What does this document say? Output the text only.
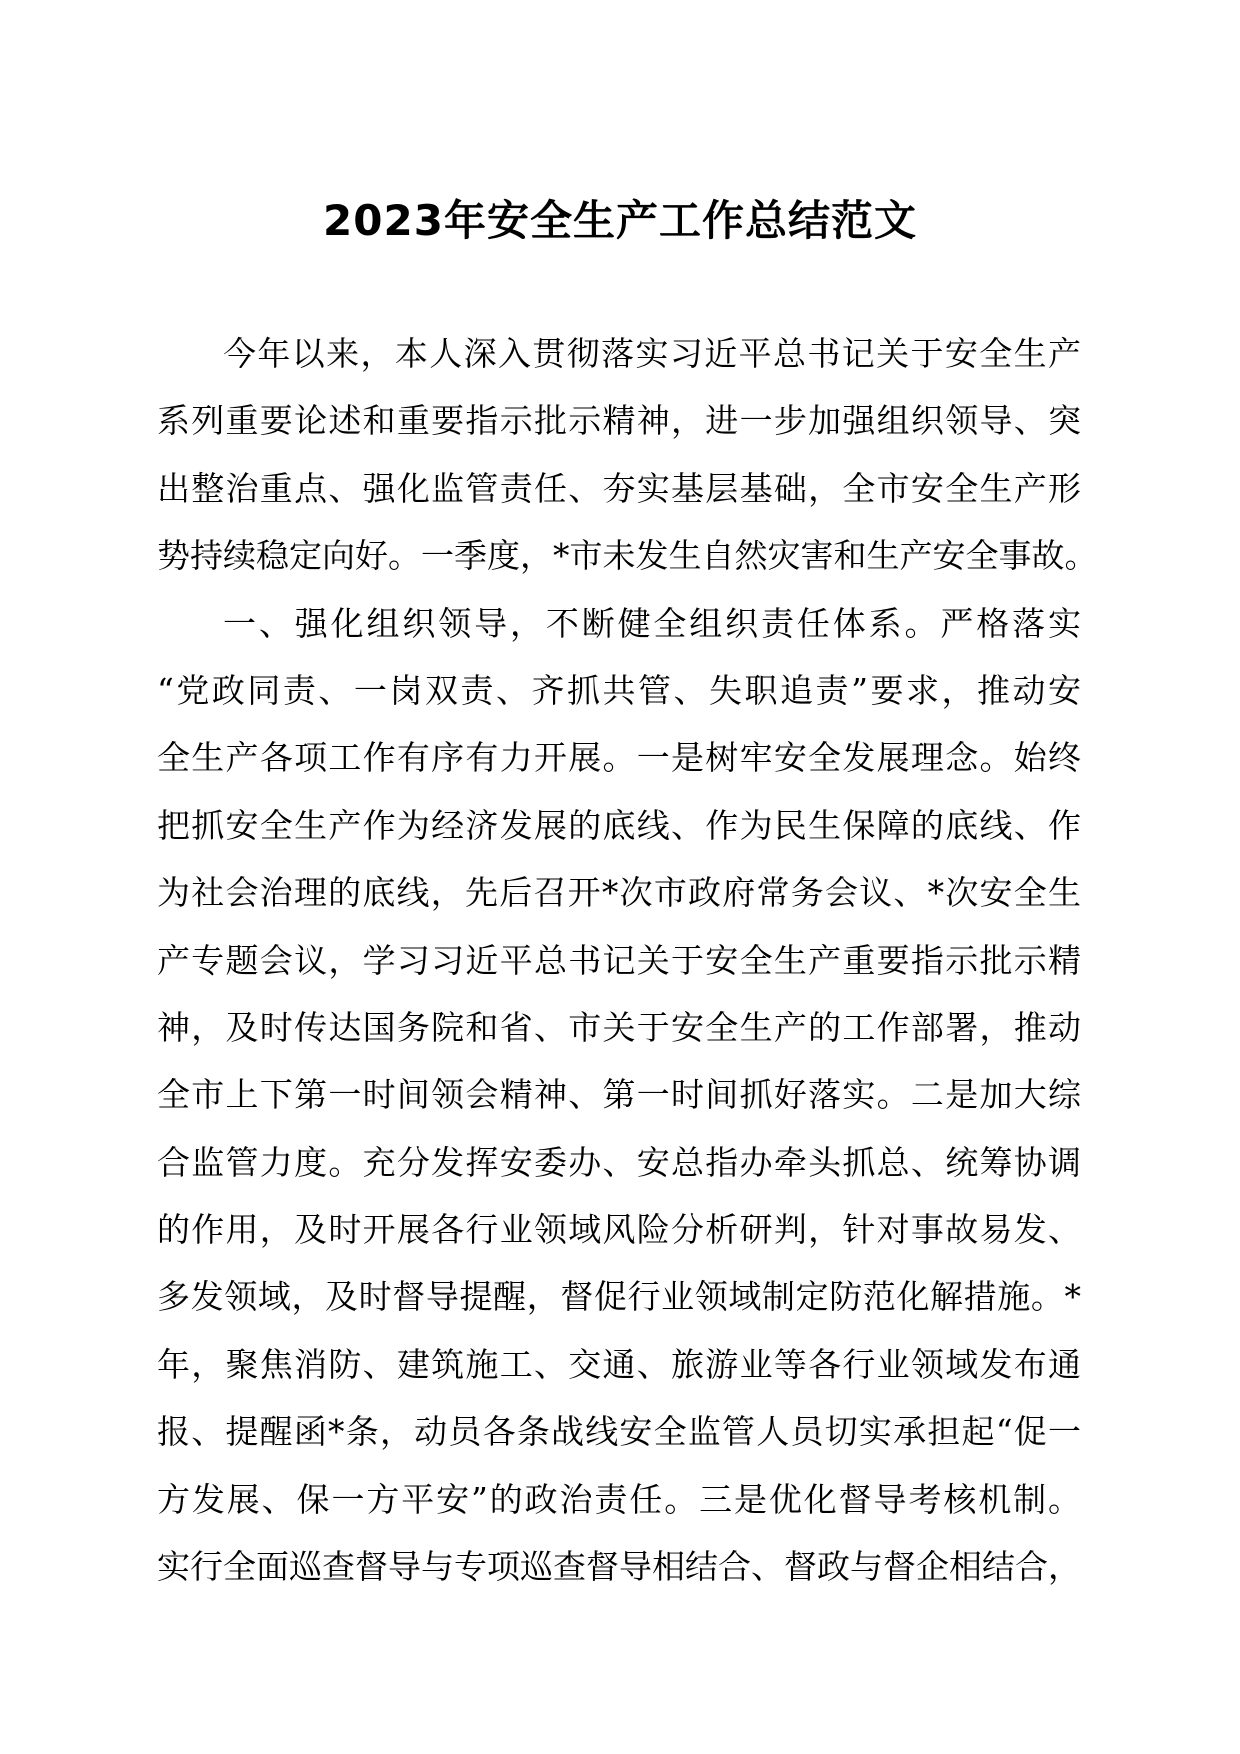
2023年安全生产工作总结范文
今年以来，本人深入贯彻落实习近平总书记关于安全生产
系列重要论述和重要指示批示精神，进一步加强组织领导、突
出整治重点、强化监管责任、夯实基层基础，全市安全生产形
势持续稳定向好。一季度，*市未发生自然灾害和生产安全事故。
一、强化组织领导，不断健全组织责任体系。严格落实
“党政同责、一岗双责、齐抓共管、失职追责”要求，推动安
全生产各项工作有序有力开展。一是树牢安全发展理念。始终
把抓安全生产作为经济发展的底线、作为民生保障的底线、作
为社会治理的底线，先后召开*次市政府常务会议、*次安全生
产专题会议，学习习近平总书记关于安全生产重要指示批示精
神，及时传达国务院和省、市关于安全生产的工作部署，推动
全市上下第一时间领会精神、第一时间抓好落实。二是加大综
合监管力度。充分发挥安委办、安总指办牵头抓总、统筹协调
的作用，及时开展各行业领域风险分析研判，针对事故易发、
多发领域，及时督导提醒，督促行业领域制定防范化解措施。*
年，聚焦消防、建筑施工、交通、旅游业等各行业领域发布通
报、提醒函*条，动员各条战线安全监管人员切实承担起“促一
方发展、保一方平安”的政治责任。三是优化督导考核机制。
实行全面巡查督导与专项巡查督导相结合、督政与督企相结合，
